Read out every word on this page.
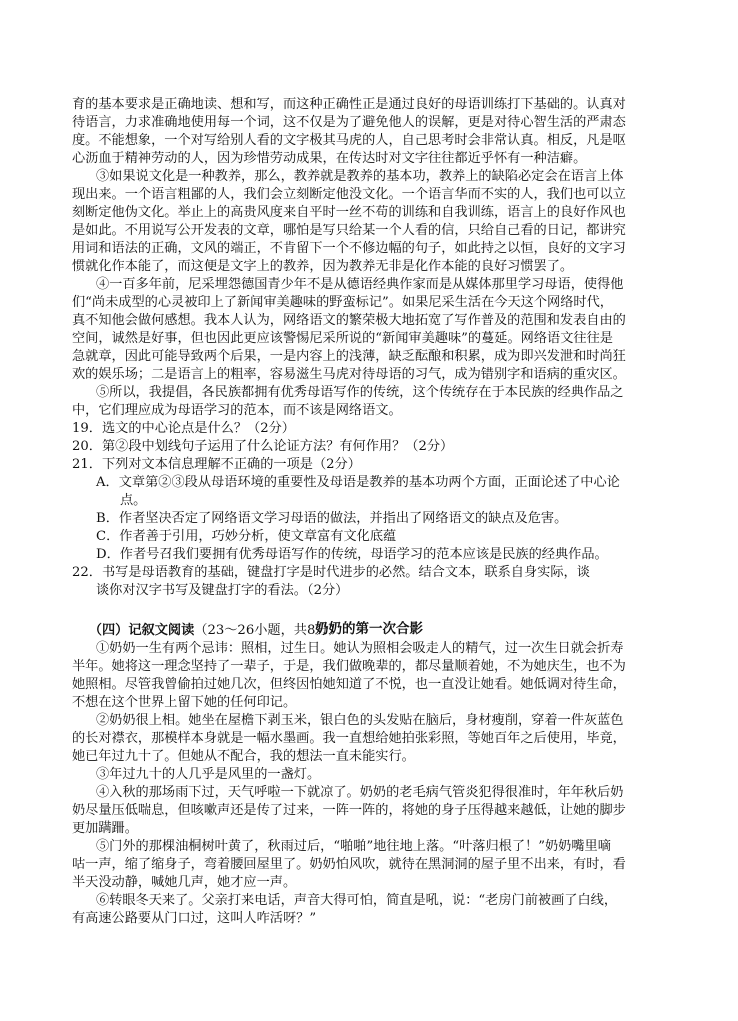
育的基本要求是正确地读、想和写，而这种正确性正是通过良好的母语训练打下基础的。认真对
待语言，力求准确地使用每一个词，这不仅是为了避免他人的误解，更是对待心智生活的严肃态
度。不能想象，一个对写给别人看的文字极其马虎的人，自己思考时会非常认真。相反，凡是呕
心沥血于精神劳动的人，因为珍惜劳动成果，在传达时对文字往往都近乎怀有一种洁癖。
③如果说文化是一种教养，那么，教养就是教养的基本功，教养上的缺陷必定会在语言上体
现出来。一个语言粗鄙的人，我们会立刻断定他没文化。一个语言华而不实的人，我们也可以立
刻断定他伪文化。举止上的高贵风度来自平时一丝不苟的训练和自我训练，语言上的良好作风也
是如此。不用说写公开发表的文章，哪怕是写只给某一个人看的信，只给自己看的日记，都讲究
用词和语法的正确，文风的端正，不肯留下一个不修边幅的句子，如此持之以恒，良好的文字习
惯就化作本能了，而这便是文字上的教养，因为教养无非是化作本能的良好习惯罢了。
④一百多年前，尼采埋怨德国青少年不是从德语经典作家而是从媒体那里学习母语，使得他
们“尚未成型的心灵被印上了新闻审美趣味的野蛮标记”。如果尼采生活在今天这个网络时代，
真不知他会做何感想。我本人认为，网络语文的繁荣极大地拓宽了写作普及的范围和发表自由的
空间，诚然是好事，但也因此更应该警惕尼采所说的“新闻审美趣味”的蔓延。网络语文往往是
急就章，因此可能导致两个后果，一是内容上的浅薄，缺乏酝酿和积累，成为即兴发泄和时尚狂
欢的娱乐场；二是语言上的粗率，容易滋生马虎对待母语的习气，成为错别字和语病的重灾区。
⑤所以，我提倡，各民族都拥有优秀母语写作的传统，这个传统存在于本民族的经典作品之
中，它们理应成为母语学习的范本，而不该是网络语文。
19．选文的中心论点是什么？（2分）
20．第②段中划线句子运用了什么论证方法？有何作用？（2分）
21．下列对文本信息理解不正确的一项是（2分）
A．文章第②③段从母语环境的重要性及母语是教养的基本功两个方面，正面论述了中心论
点。
B．作者坚决否定了网络语文学习母语的做法，并指出了网络语文的缺点及危害。
C．作者善于引用，巧妙分析，使文章富有文化底蕴
D．作者号召我们要拥有优秀母语写作的传统，母语学习的范本应该是民族的经典作品。
22．书写是母语教育的基础，键盘打字是时代进步的必然。结合文本，联系自身实际，谈
谈你对汉字书写及键盘打字的看法。（2分）

（四）记叙文阅读（23～26小题，共8分）

奶奶的第一次合影
①奶奶一生有两个忌讳：照相，过生日。她认为照相会吸走人的精气，过一次生日就会折寿
半年。她将这一理念坚持了一辈子，于是，我们做晚辈的，都尽量顺着她，不为她庆生，也不为
她照相。尽管我曾偷拍过她几次，但终因怕她知道了不悦，也一直没让她看。她低调对待生命，
不想在这个世界上留下她的任何印记。
②奶奶很上相。她坐在屋檐下剥玉米，银白色的头发贴在脑后，身材瘦削，穿着一件灰蓝色
的长对襟衣，那模样本身就是一幅水墨画。我一直想给她拍张彩照，等她百年之后使用，毕竟，
她已年过九十了。但她从不配合，我的想法一直未能实行。
③年过九十的人几乎是风里的一盏灯。
④入秋的那场雨下过，天气呼啦一下就凉了。奶奶的老毛病气管炎犯得很准时，年年秋后奶
奶尽量压低喘息，但咳嗽声还是传了过来，一阵一阵的，将她的身子压得越来越低，让她的脚步
更加蹒跚。
⑤门外的那棵油桐树叶黄了，秋雨过后，“啪啪”地往地上落。“叶落归根了！”奶奶嘴里嘀
咕一声，缩了缩身子，弯着腰回屋里了。奶奶怕风吹，就待在黑洞洞的屋子里不出来，有时，看
半天没动静，喊她几声，她才应一声。
⑥转眼冬天来了。父亲打来电话，声音大得可怕，简直是吼，说：“老房门前被画了白线，
有高速公路要从门口过，这叫人咋活呀？”
